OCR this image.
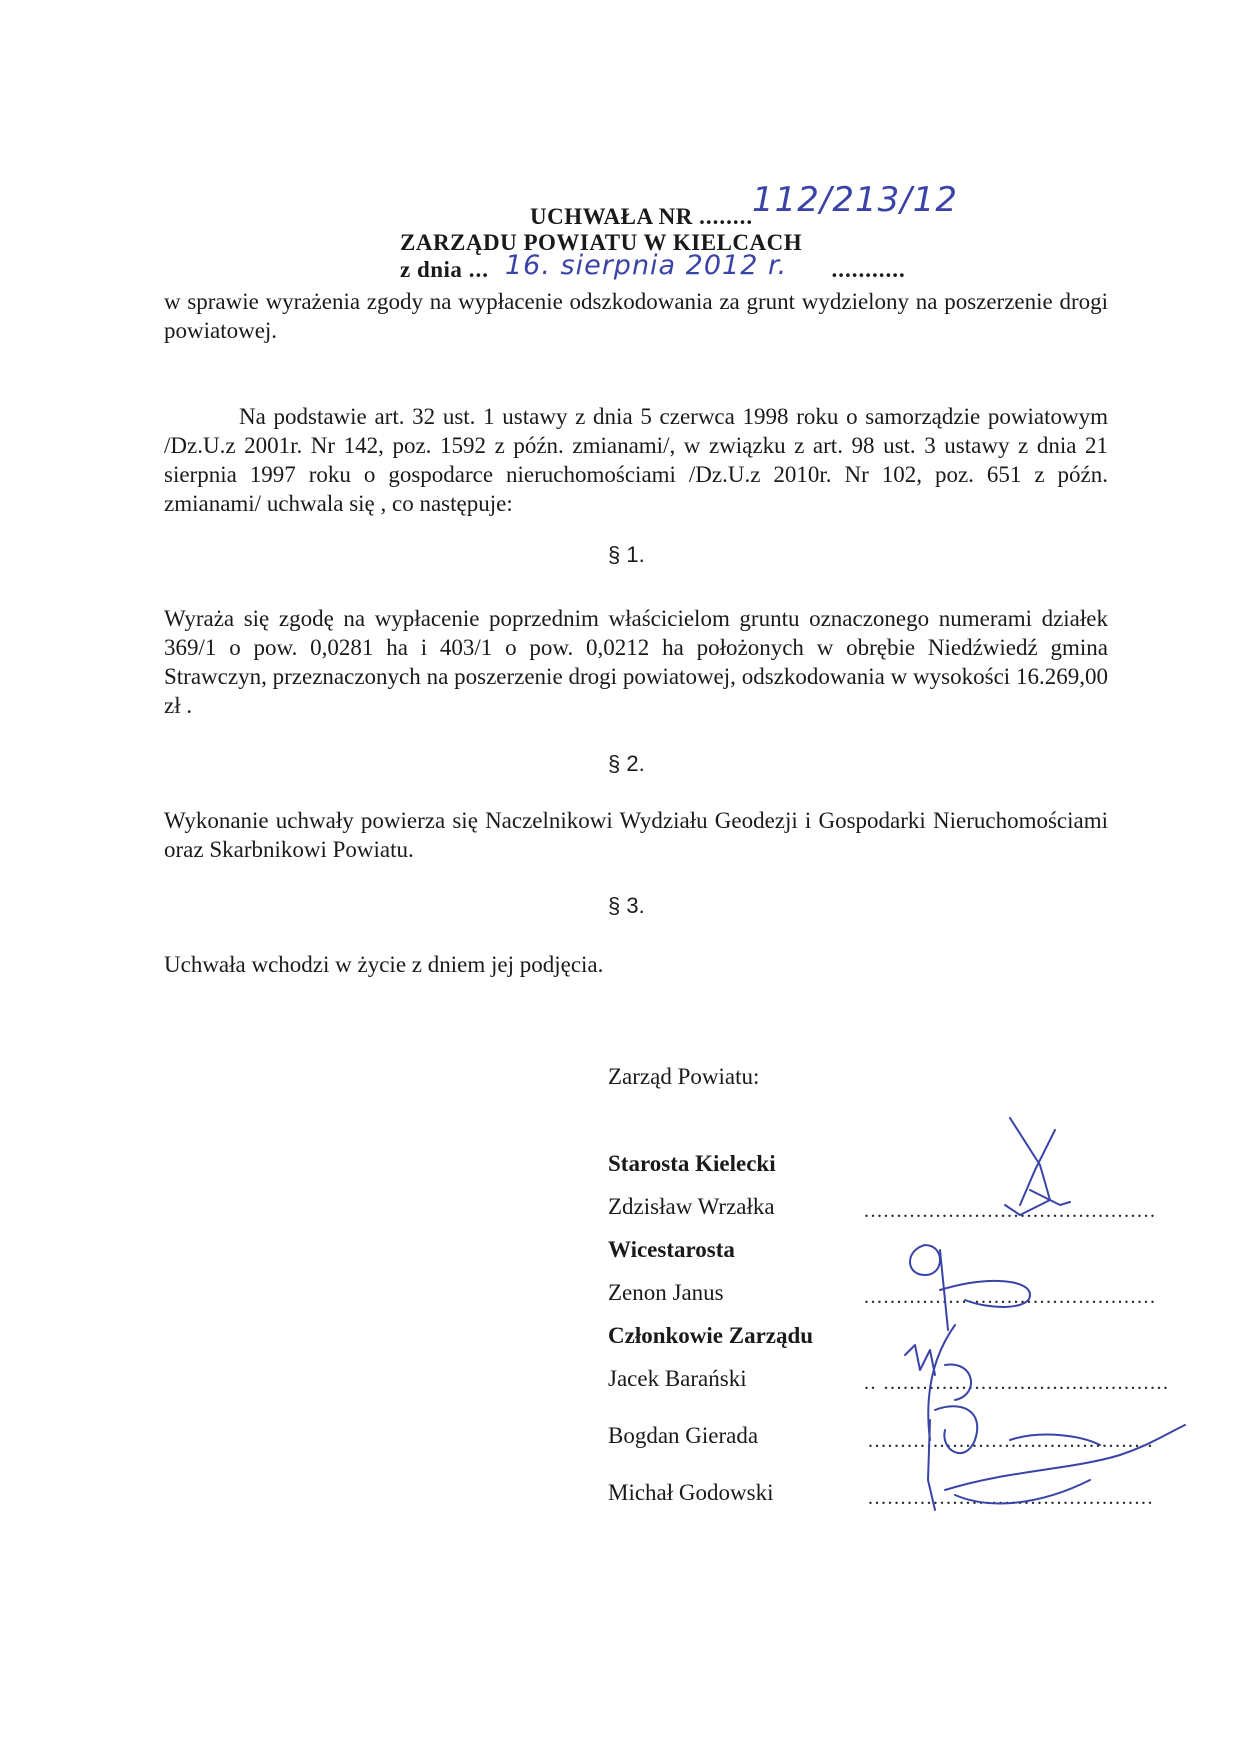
UCHWAŁA NR ........
112/213/12
ZARZĄDU POWIATU W KIELCACH
z dnia ...	...........
16. sierpnia 2012 r.
w sprawie wyrażenia zgody na wypłacenie odszkodowania za grunt wydzielony na poszerzenie drogi powiatowej.
Na podstawie art. 32 ust. 1 ustawy z dnia 5 czerwca 1998 roku o samorządzie powiatowym /Dz.U.z 2001r. Nr 142, poz. 1592 z późn. zmianami/, w związku z art. 98 ust. 3 ustawy z dnia 21 sierpnia 1997 roku o gospodarce nieruchomościami /Dz.U.z 2010r. Nr 102, poz. 651 z późn. zmianami/ uchwala się , co następuje:
§ 1.
Wyraża się zgodę na wypłacenie poprzednim właścicielom gruntu oznaczonego numerami działek 369/1 o pow. 0,0281 ha i 403/1 o pow. 0,0212 ha położonych w obrębie Niedźwiedź gmina Strawczyn, przeznaczonych na poszerzenie drogi powiatowej, odszkodowania w wysokości 16.269,00 zł .
§ 2.
Wykonanie uchwały powierza się Naczelnikowi Wydziału Geodezji i Gospodarki Nieruchomościami oraz Skarbnikowi Powiatu.
§ 3.
Uchwała wchodzi w życie z dniem jej podjęcia.
Zarząd Powiatu:
Starosta Kielecki
Zdzisław Wrzałka	.............................................
Wicestarosta
Zenon Janus	.............................................
Członkowie Zarządu
Jacek Barański	.. ............................................
Bogdan Gierada	............................................
Michał Godowski	............................................
